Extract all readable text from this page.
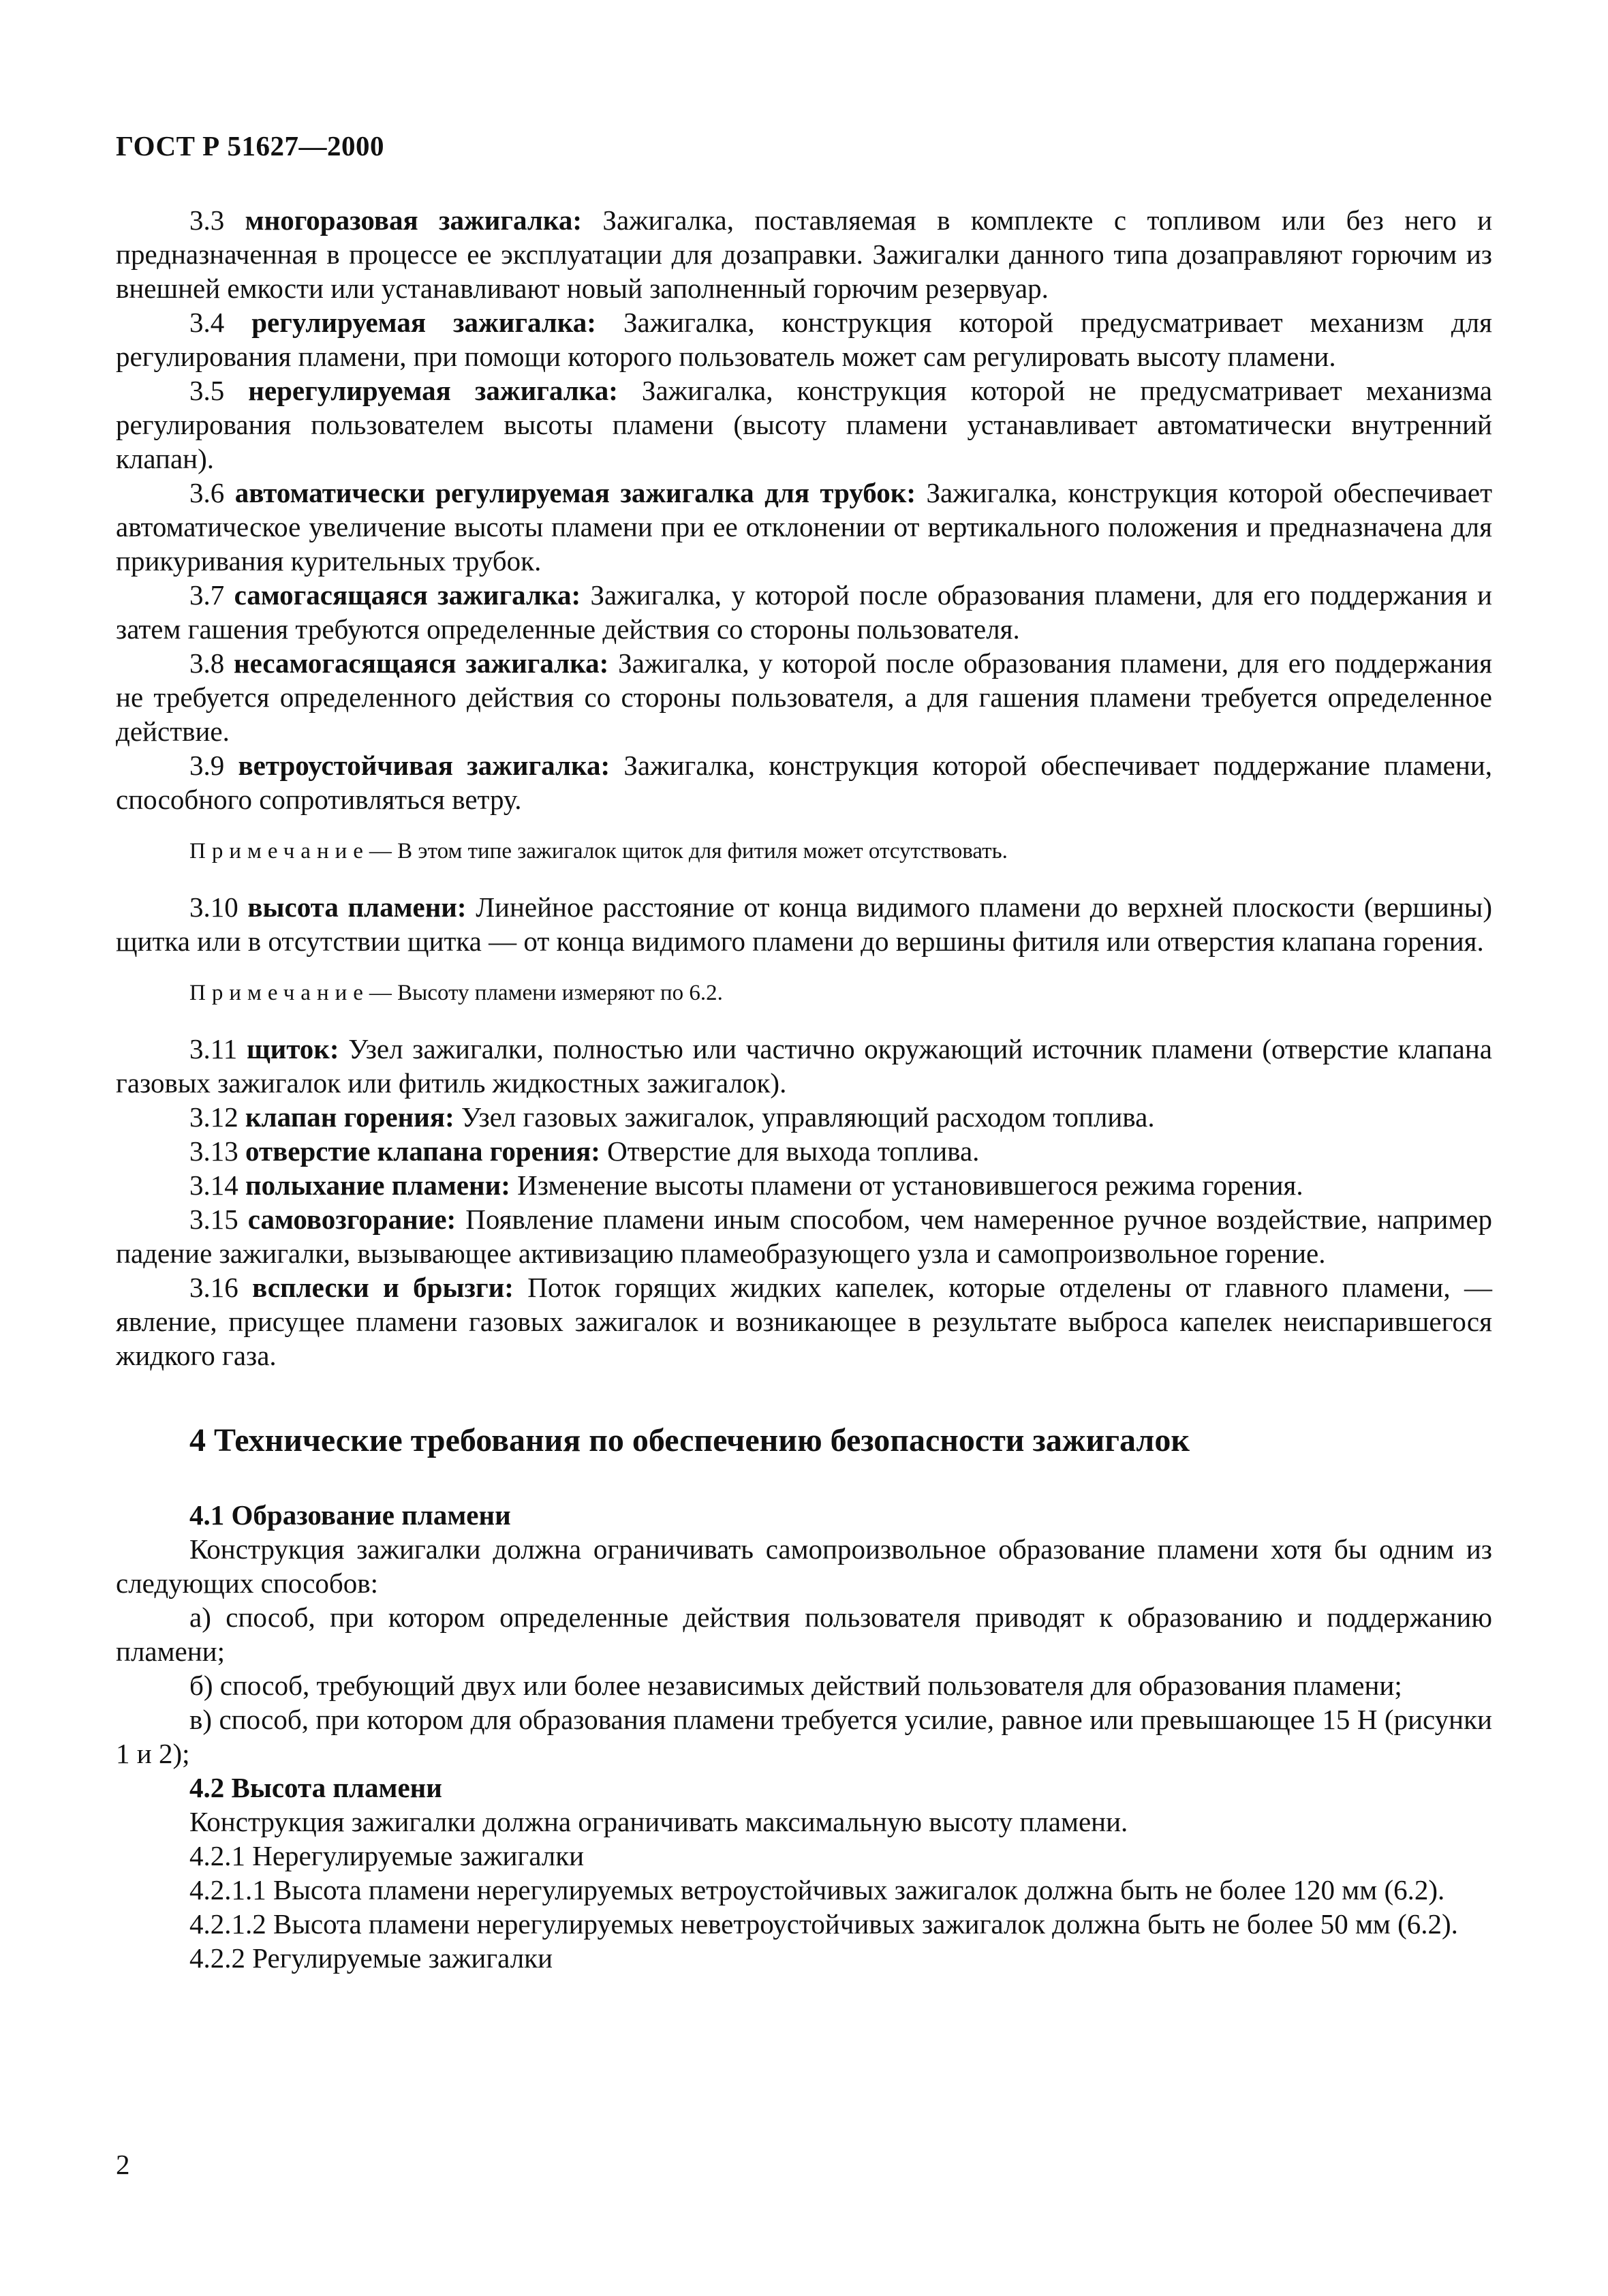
ГОСТ Р 51627—2000

3.3 многоразовая зажигалка: Зажигалка, поставляемая в комплекте с топливом или без него и предназначенная в процессе ее эксплуатации для дозаправки. Зажигалки данного типа дозаправляют горючим из внешней емкости или устанавливают новый заполненный горючим резервуар.

3.4 регулируемая зажигалка: Зажигалка, конструкция которой предусматривает механизм для регулирования пламени, при помощи которого пользователь может сам регулировать высоту пламени.

3.5 нерегулируемая зажигалка: Зажигалка, конструкция которой не предусматривает механизма регулирования пользователем высоты пламени (высоту пламени устанавливает автоматически внутренний клапан).

3.6 автоматически регулируемая зажигалка для трубок: Зажигалка, конструкция которой обеспечивает автоматическое увеличение высоты пламени при ее отклонении от вертикального положения и предназначена для прикуривания курительных трубок.

3.7 самогасящаяся зажигалка: Зажигалка, у которой после образования пламени, для его поддержания и затем гашения требуются определенные действия со стороны пользователя.

3.8 несамогасящаяся зажигалка: Зажигалка, у которой после образования пламени, для его поддержания не требуется определенного действия со стороны пользователя, а для гашения пламени требуется определенное действие.

3.9 ветроустойчивая зажигалка: Зажигалка, конструкция которой обеспечивает поддержание пламени, способного сопротивляться ветру.

Примечание— В этом типе зажигалок щиток для фитиля может отсутствовать.

3.10 высота пламени: Линейное расстояние от конца видимого пламени до верхней плоскости (вершины) щитка или в отсутствии щитка — от конца видимого пламени до вершины фитиля или отверстия клапана горения.

Примечание— Высоту пламени измеряют по 6.2.

3.11 щиток: Узел зажигалки, полностью или частично окружающий источник пламени (отверстие клапана газовых зажигалок или фитиль жидкостных зажигалок).

3.12 клапан горения: Узел газовых зажигалок, управляющий расходом топлива.

3.13 отверстие клапана горения: Отверстие для выхода топлива.

3.14 полыхание пламени: Изменение высоты пламени от установившегося режима горения.

3.15 самовозгорание: Появление пламени иным способом, чем намеренное ручное воздействие, например падение зажигалки, вызывающее активизацию пламеобразующего узла и самопроизвольное горение.

3.16 всплески и брызги: Поток горящих жидких капелек, которые отделены от главного пламени, — явление, присущее пламени газовых зажигалок и возникающее в результате выброса капелек неиспарившегося жидкого газа.

4 Технические требования по обеспечению безопасности зажигалок

4.1 Образование пламени

Конструкция зажигалки должна ограничивать самопроизвольное образование пламени хотя бы одним из следующих способов:

а) способ, при котором определенные действия пользователя приводят к образованию и поддержанию пламени;

б) способ, требующий двух или более независимых действий пользователя для образования пламени;

в) способ, при котором для образования пламени требуется усилие, равное или превышающее 15 Н (рисунки 1 и 2);

4.2 Высота пламени

Конструкция зажигалки должна ограничивать максимальную высоту пламени.

4.2.1 Нерегулируемые зажигалки

4.2.1.1 Высота пламени нерегулируемых ветроустойчивых зажигалок должна быть не более 120 мм (6.2).

4.2.1.2 Высота пламени нерегулируемых неветроустойчивых зажигалок должна быть не более 50 мм (6.2).

4.2.2 Регулируемые зажигалки

2
